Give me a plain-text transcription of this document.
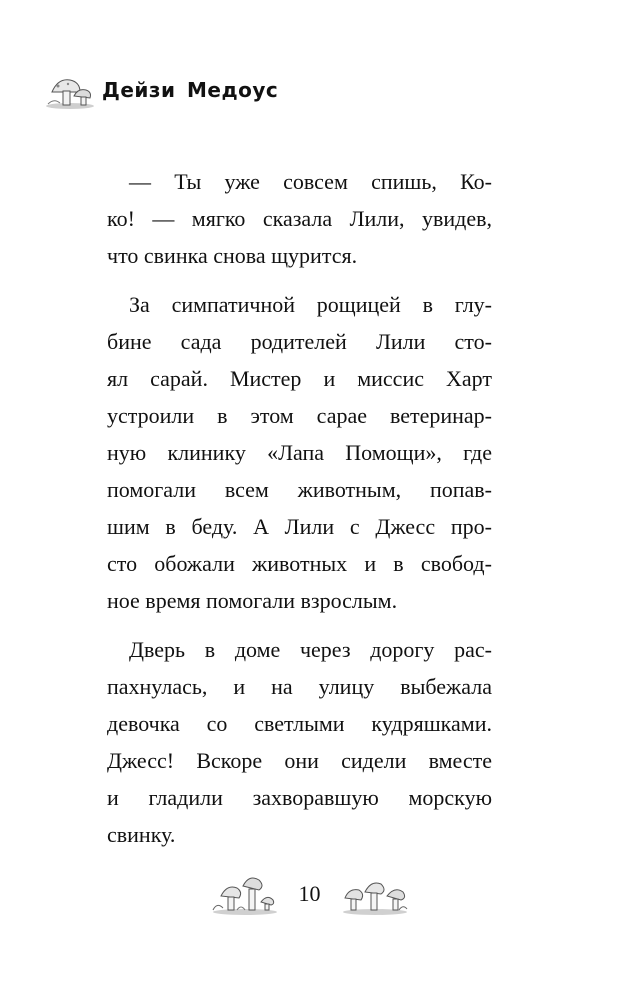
Дейзи Медоус
— Ты уже совсем спишь, Ко-
ко! — мягко сказала Лили, увидев,
что свинка снова щурится.
За симпатичной рощицей в глу-
бине сада родителей Лили сто-
ял сарай. Мистер и миссис Харт
устроили в этом сарае ветеринар-
ную клинику «Лапа Помощи», где
помогали всем животным, попав-
шим в беду. А Лили с Джесс про-
сто обожали животных и в свобод-
ное время помогали взрослым.
Дверь в доме через дорогу рас-
пахнулась, и на улицу выбежала
девочка со светлыми кудряшками.
Джесс! Вскоре они сидели вместе
и гладили захворавшую морскую
свинку.
10
